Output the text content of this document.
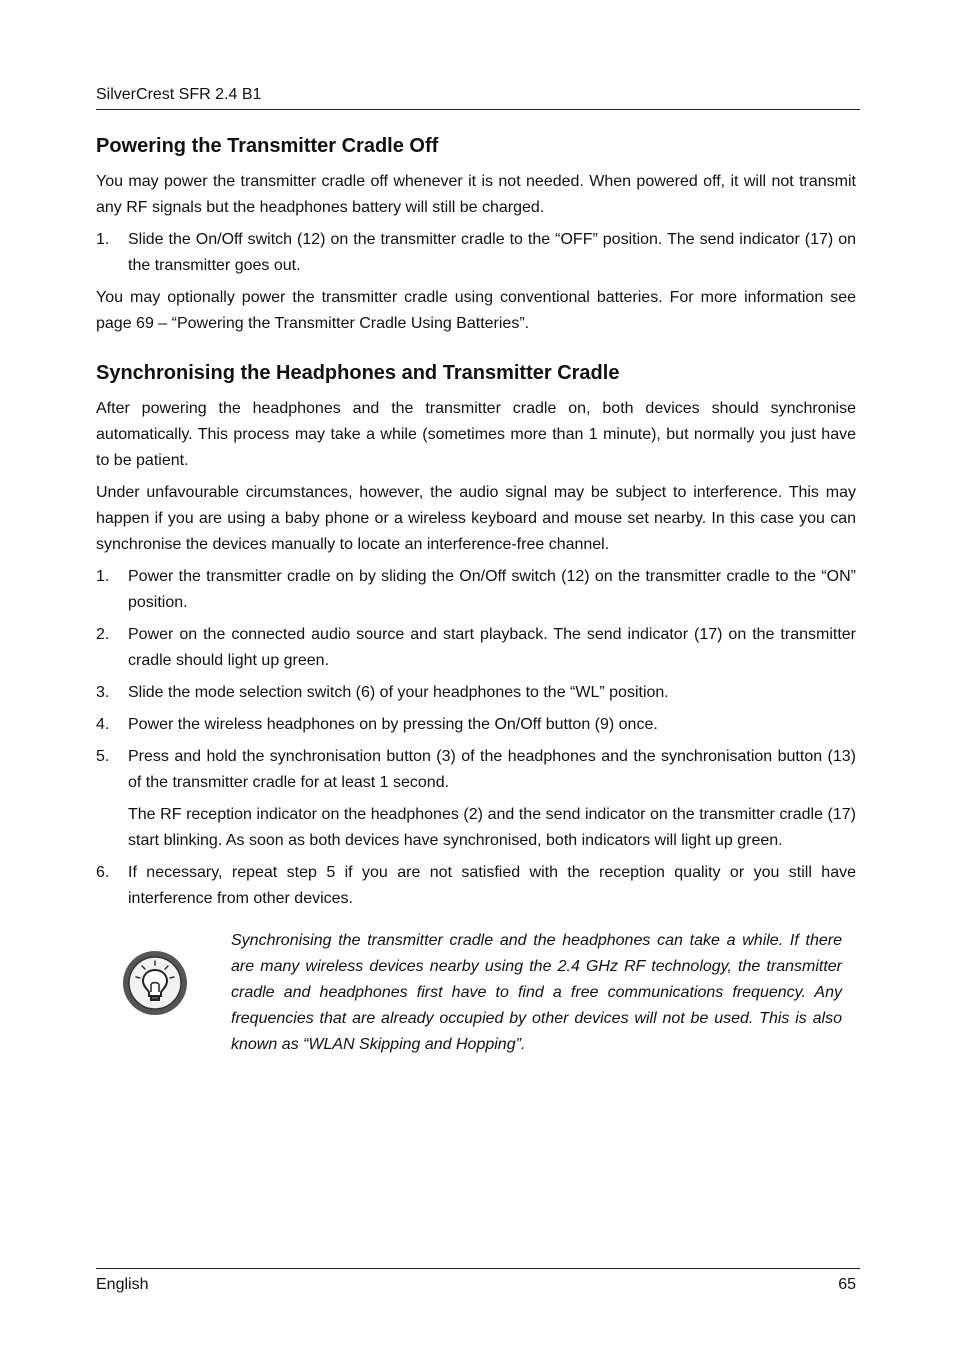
SilverCrest SFR 2.4 B1
Powering the Transmitter Cradle Off

You may power the transmitter cradle off whenever it is not needed. When powered off, it will not transmit any RF signals but the headphones battery will still be charged.

1. Slide the On/Off switch (12) on the transmitter cradle to the “OFF” position. The send indicator (17) on the transmitter goes out.

You may optionally power the transmitter cradle using conventional batteries. For more information see page 69 – “Powering the Transmitter Cradle Using Batteries”.

Synchronising the Headphones and Transmitter Cradle

After powering the headphones and the transmitter cradle on, both devices should synchronise automatically. This process may take a while (sometimes more than 1 minute), but normally you just have to be patient.

Under unfavourable circumstances, however, the audio signal may be subject to interference. This may happen if you are using a baby phone or a wireless keyboard and mouse set nearby. In this case you can synchronise the devices manually to locate an interference-free channel.

1. Power the transmitter cradle on by sliding the On/Off switch (12) on the transmitter cradle to the “ON” position.
2. Power on the connected audio source and start playback. The send indicator (17) on the transmitter cradle should light up green.
3. Slide the mode selection switch (6) of your headphones to the “WL” position.
4. Power the wireless headphones on by pressing the On/Off button (9) once.
5. Press and hold the synchronisation button (3) of the headphones and the synchronisation button (13) of the transmitter cradle for at least 1 second.
The RF reception indicator on the headphones (2) and the send indicator on the transmitter cradle (17) start blinking. As soon as both devices have synchronised, both indicators will light up green.
6. If necessary, repeat step 5 if you are not satisfied with the reception quality or you still have interference from other devices.
Synchronising the transmitter cradle and the headphones can take a while. If there are many wireless devices nearby using the 2.4 GHz RF technology, the transmitter cradle and headphones first have to find a free communications frequency. Any frequencies that are already occupied by other devices will not be used. This is also known as “WLAN Skipping and Hopping”.
English	65
